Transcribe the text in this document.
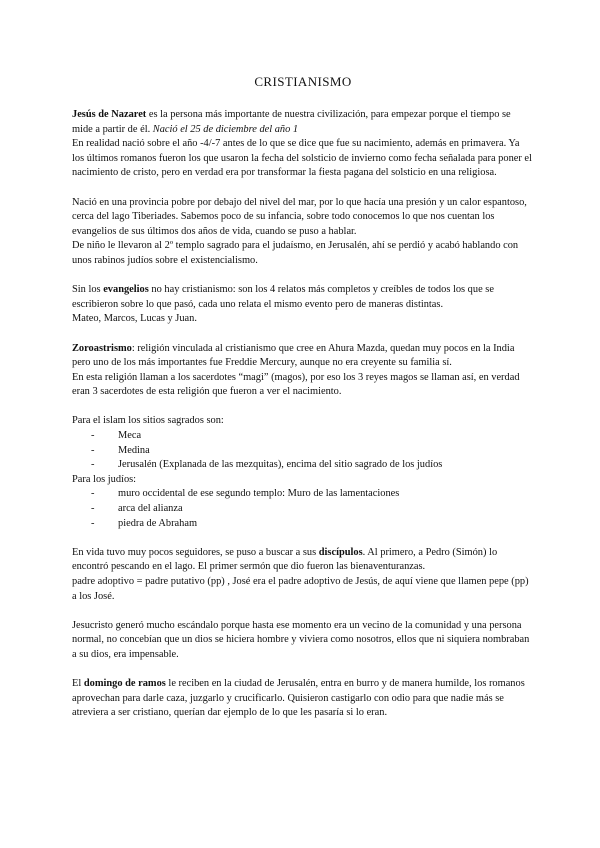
CRISTIANISMO

Jesús de Nazaret es la persona más importante de nuestra civilización, para empezar porque el tiempo se mide a partir de él. Nació el 25 de diciembre del año 1
En realidad nació sobre el año -4/-7 antes de lo que se dice que fue su nacimiento, además en primavera. Ya los últimos romanos fueron los que usaron la fecha del solsticio de invierno como fecha señalada para poner el nacimiento de cristo, pero en verdad era por transformar la fiesta pagana del solsticio en una religiosa.

Nació en una provincia pobre por debajo del nivel del mar, por lo que hacía una presión y un calor espantoso, cerca del lago Tiberiades. Sabemos poco de su infancia, sobre todo conocemos lo que nos cuentan los evangelios de sus últimos dos años de vida, cuando se puso a hablar.
De niño le llevaron al 2º templo sagrado para el judaísmo, en Jerusalén, ahí se perdió y acabó hablando con unos rabinos judíos sobre el existencialismo.

Sin los evangelios no hay cristianismo: son los 4 relatos más completos y creíbles de todos los que se escribieron sobre lo que pasó, cada uno relata el mismo evento pero de maneras distintas.
Mateo, Marcos, Lucas y Juan.

Zoroastrismo: religión vinculada al cristianismo que cree en Ahura Mazda, quedan muy pocos en la India pero uno de los más importantes fue Freddie Mercury, aunque no era creyente su familia sí.
En esta religión llaman a los sacerdotes “magi” (magos), por eso los 3 reyes magos se llaman así, en verdad eran 3 sacerdotes de esta religión que fueron a ver el nacimiento.

Para el islam los sitios sagrados son:

- Meca
- Medina
- Jerusalén (Explanada de las mezquitas), encima del sitio sagrado de los judíos

Para los judíos:

- muro occidental de ese segundo templo: Muro de las lamentaciones
- arca del alianza
- piedra de Abraham

En vida tuvo muy pocos seguidores, se puso a buscar a sus discípulos. Al primero, a Pedro (Simón) lo encontró pescando en el lago. El primer sermón que dio fueron las bienaventuranzas.
padre adoptivo = padre putativo (pp) , José era el padre adoptivo de Jesús, de aquí viene que llamen pepe (pp) a los José.

Jesucristo generó mucho escándalo porque hasta ese momento era un vecino de la comunidad y una persona normal, no concebían que un dios se hiciera hombre y viviera como nosotros, ellos que ni siquiera nombraban a su dios, era impensable.

El domingo de ramos le reciben en la ciudad de Jerusalén, entra en burro y de manera humilde, los romanos aprovechan para darle caza, juzgarlo y crucificarlo. Quisieron castigarlo con odio para que nadie más se atreviera a ser cristiano, querían dar ejemplo de lo que les pasaría si lo eran.
